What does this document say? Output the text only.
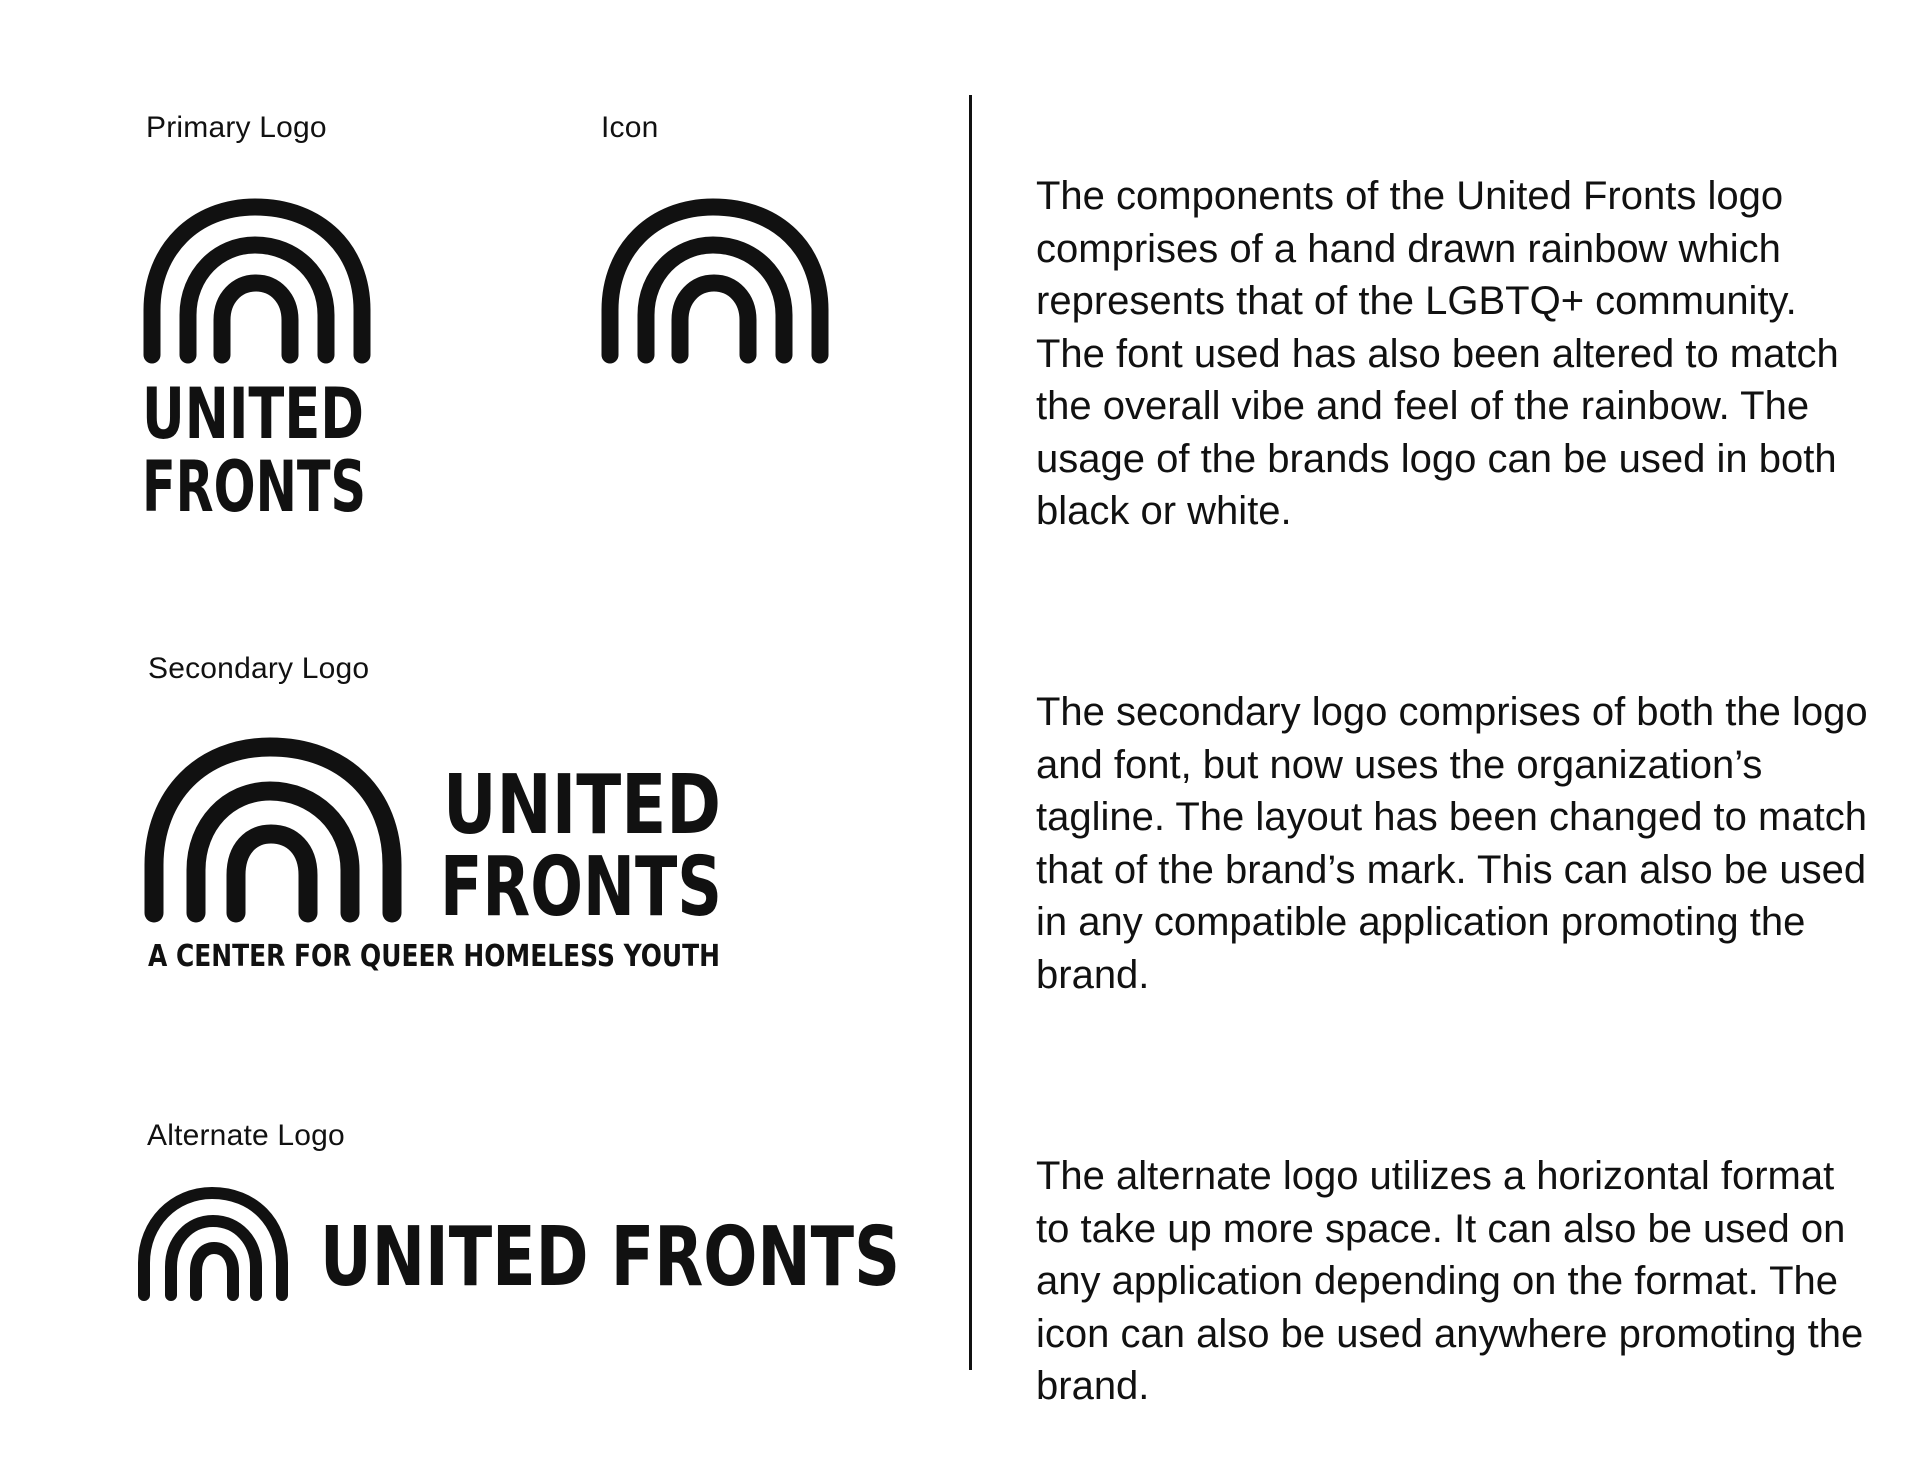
Primary Logo	Icon
Secondary Logo
Alternate Logo
UNITED
FRONTS
UNITED
FRONTS
A CENTER FOR QUEER HOMELESS YOUTH
UNITED FRONTS

The components of the United Fronts logo comprises of a hand drawn rainbow which represents that of the LGBTQ+ community. The font used has also been altered to match the overall vibe and feel of the rainbow. The usage of the brands logo can be used in both black or white.

The secondary logo comprises of both the logo and font, but now uses the organization’s tagline. The layout has been changed to match that of the brand’s mark. This can also be used in any compatible application promoting the brand.

The alternate logo utilizes a horizontal format to take up more space. It can also be used on any application depending on the format. The icon can also be used anywhere promoting the brand.
